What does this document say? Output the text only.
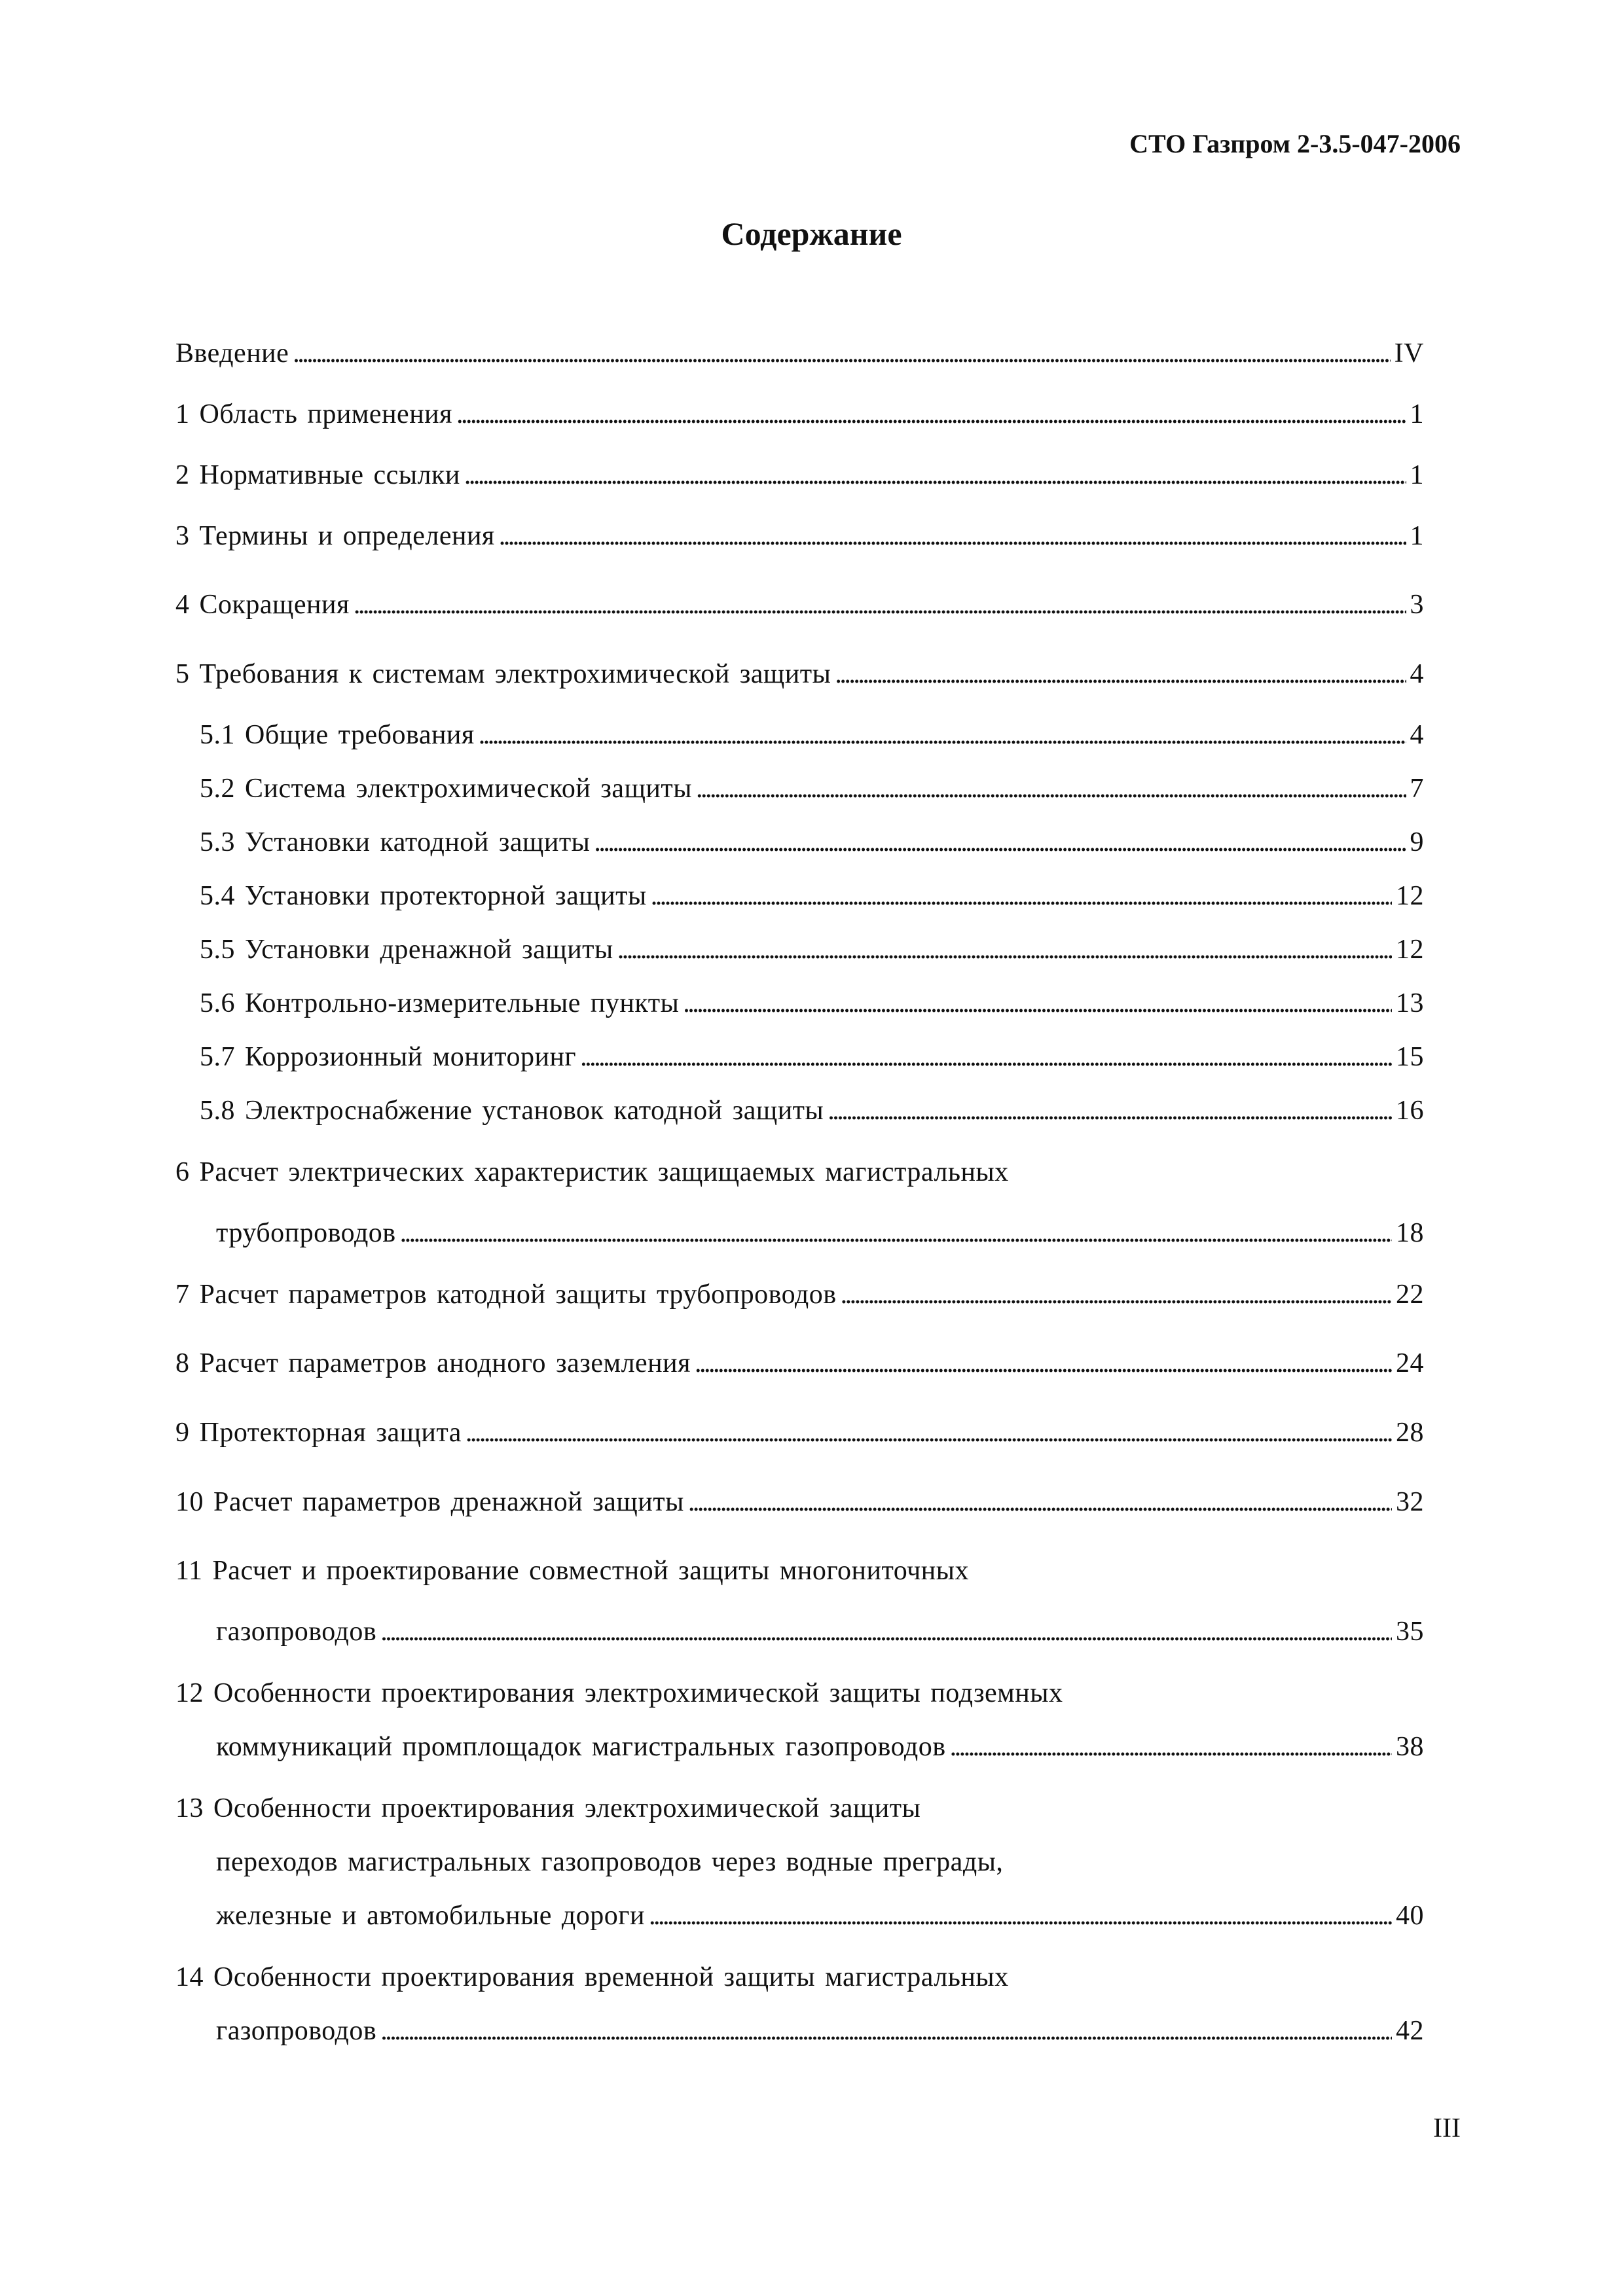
СТО Газпром 2-3.5-047-2006
Содержание
Введение . . .	IV
1 Область применения . . .	1
2 Нормативные ссылки . . .	1
3 Термины и определения . . .	1
4 Сокращения . . .	3
5 Требования к системам электрохимической защиты . . .	4
5.1 Общие требования . . .	4
5.2 Система электрохимической защиты . . .	7
5.3 Установки катодной защиты . . .	9
5.4 Установки протекторной защиты . . .	12
5.5 Установки дренажной защиты . . .	12
5.6 Контрольно-измерительные пункты . . .	13
5.7 Коррозионный мониторинг . . .	15
5.8 Электроснабжение установок катодной защиты . . .	16
6 Расчет электрических характеристик защищаемых магистральных
трубопроводов . . .	18
7 Расчет параметров катодной защиты трубопроводов . . .	22
8 Расчет параметров анодного заземления . . .	24
9 Протекторная защита . . .	28
10 Расчет параметров дренажной защиты . . .	32
11 Расчет и проектирование совместной защиты многониточных
газопроводов . . .	35
12 Особенности проектирования электрохимической защиты подземных
коммуникаций промплощадок магистральных газопроводов . . .	38
13 Особенности проектирования электрохимической защиты
переходов магистральных газопроводов через водные преграды,
железные и автомобильные дороги . . .	40
14 Особенности проектирования временной защиты магистральных
газопроводов . . .	42
III
